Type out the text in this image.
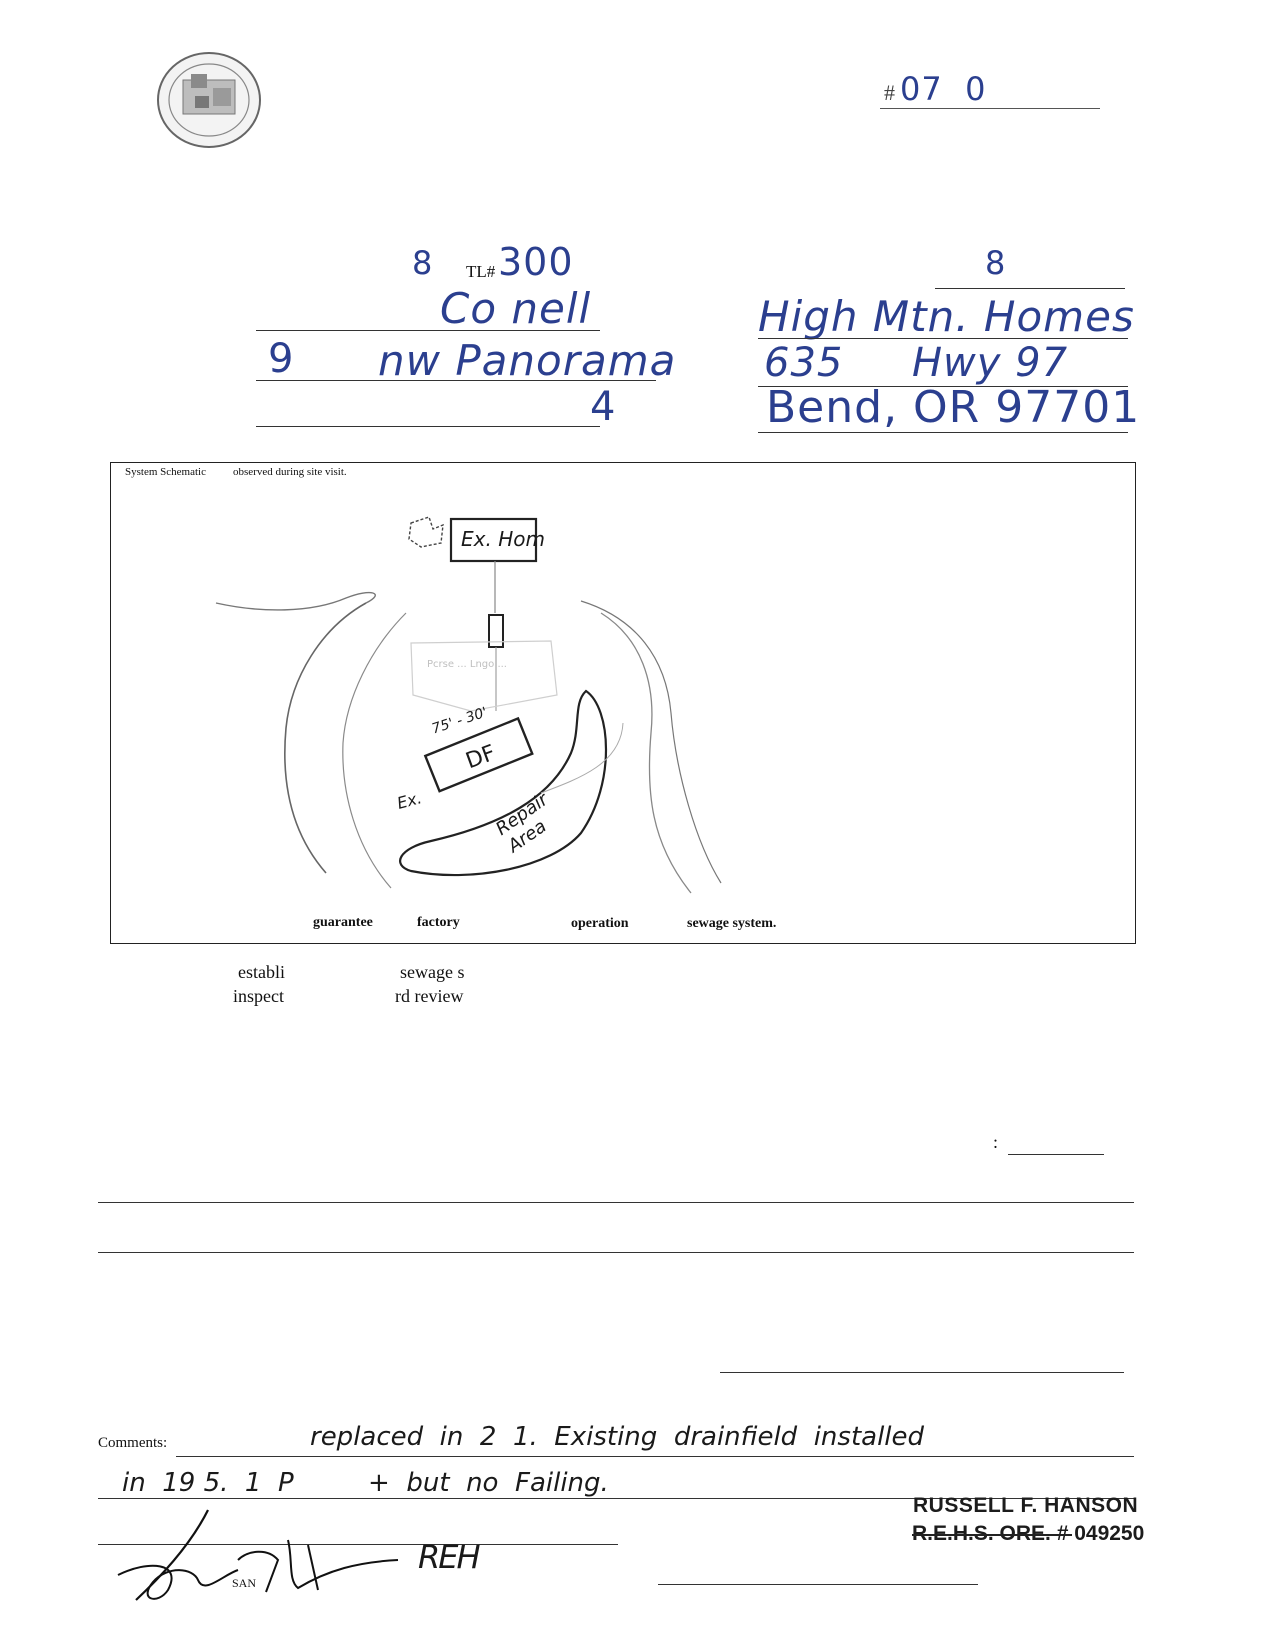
# 07  0
8 TL# 300
Co nell
9 nw Panorama
4
8
High Mtn. Homes
635 Hwy 97
Bend, OR 97701
System Schematic observed during site visit.
Ex. Hom
Pcrse ... Lngo ...
75' - 30'
DF
Ex.	Repair Area
guarantee	factory	operation	sewage system.
establi
inspect
sewage s
rd review
:
Comments:	replaced  in  2  1.  Existing  drainfield  installed
in  19 5.  1  P         +  but  no  Failing.
RUSSELL F. HANSON
R.E.H.S. ORE. # 049250
REH
SAN
